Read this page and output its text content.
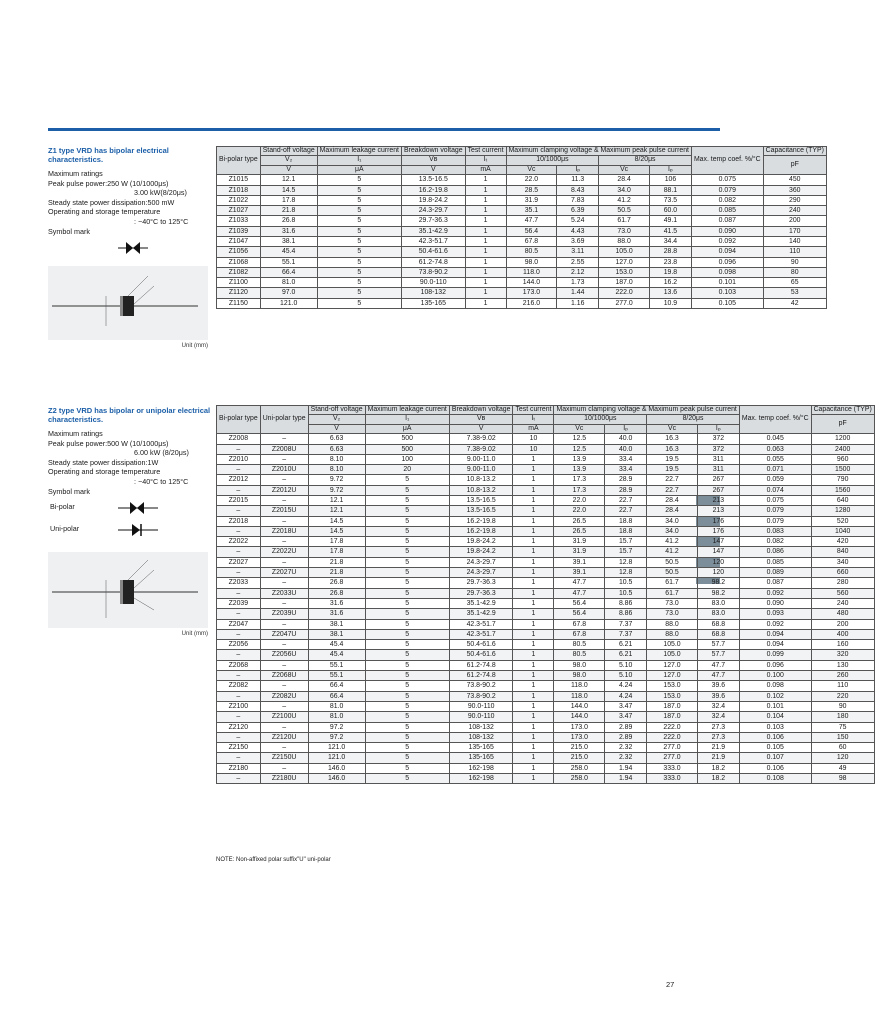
Z1 type VRD has bipolar electrical characteristics.
Maximum ratings
Peak pulse power:250 W (10/1000μs)
3.00 kW(8/20μs)
Steady state power dissipation:500 mW
Operating and storage temperature
: −40°C to 125°C
Symbol mark
Unit (mm)
Bi-polar type	Stand-off voltage	Maximum leakage current	Breakdown voltage	Test current	Maximum clamping voltage & Maximum peak pulse current				Max. temp coef. %/°C	Capacitance (TYP)
	V₂	I₁	Vʙ	Iₜ	10/1000μs		8/20μs			pF
	V	μA	V	mA	Vc	Iₚ	Vc	Iₚ		
Z1015	12.1	5	13.5-16.5	1	22.0	11.3	28.4	106	0.075	450
Z1018	14.5	5	16.2-19.8	1	28.5	8.43	34.0	88.1	0.079	360
Z1022	17.8	5	19.8-24.2	1	31.9	7.83	41.2	73.5	0.082	290
Z1027	21.8	5	24.3-29.7	1	35.1	6.39	50.5	60.0	0.085	240
Z1033	26.8	5	29.7-36.3	1	47.7	5.24	61.7	49.1	0.087	200
Z1039	31.6	5	35.1-42.9	1	56.4	4.43	73.0	41.5	0.090	170
Z1047	38.1	5	42.3-51.7	1	67.8	3.69	88.0	34.4	0.092	140
Z1056	45.4	5	50.4-61.6	1	80.5	3.11	105.0	28.8	0.094	110
Z1068	55.1	5	61.2-74.8	1	98.0	2.55	127.0	23.8	0.096	90
Z1082	66.4	5	73.8-90.2	1	118.0	2.12	153.0	19.8	0.098	80
Z1100	81.0	5	90.0-110	1	144.0	1.73	187.0	16.2	0.101	65
Z1120	97.0	5	108-132	1	173.0	1.44	222.0	13.6	0.103	53
Z1150	121.0	5	135-165	1	216.0	1.16	277.0	10.9	0.105	42
Z2 type VRD has bipolar or unipolar electrical characteristics.
Maximum ratings
Peak pulse power:500 W (10/1000μs)
6.00 kW (8/20μs)
Steady state power dissipation:1W
Operating and storage temperature
: −40°C to 125°C
Symbol mark
Bi-polar
Uni-polar
Unit (mm)
Bi-polar type	Uni-polar type	Stand-off voltage	Maximum leakage current	Breakdown voltage	Test current	Maximum clamping voltage & Maximum peak pulse current				Max. temp coef. %/°C	Capacitance (TYP)
		V₂	I₁	Vʙ	Iₜ	10/1000μs		8/20μs			pF
		V	μA	V	mA	Vc	Iₚ	Vc	Iₚ		
Z2008	–	6.63	500	7.38-9.02	10	12.5	40.0	16.3	372	0.045	1200
–	Z2008U	6.63	500	7.38-9.02	10	12.5	40.0	16.3	372	0.063	2400
Z2010	–	8.10	100	9.00-11.0	1	13.9	33.4	19.5	311	0.055	960
–	Z2010U	8.10	20	9.00-11.0	1	13.9	33.4	19.5	311	0.071	1500
Z2012	–	9.72	5	10.8-13.2	1	17.3	28.9	22.7	267	0.059	790
–	Z2012U	9.72	5	10.8-13.2	1	17.3	28.9	22.7	267	0.074	1560
Z2015	–	12.1	5	13.5-16.5	1	22.0	22.7	28.4	213	0.075	640
–	Z2015U	12.1	5	13.5-16.5	1	22.0	22.7	28.4	213	0.079	1280
Z2018	–	14.5	5	16.2-19.8	1	26.5	18.8	34.0	176	0.079	520
–	Z2018U	14.5	5	16.2-19.8	1	26.5	18.8	34.0	176	0.083	1040
Z2022	–	17.8	5	19.8-24.2	1	31.9	15.7	41.2	147	0.082	420
–	Z2022U	17.8	5	19.8-24.2	1	31.9	15.7	41.2	147	0.086	840
Z2027	–	21.8	5	24.3-29.7	1	39.1	12.8	50.5	120	0.085	340
–	Z2027U	21.8	5	24.3-29.7	1	39.1	12.8	50.5	120	0.089	660
Z2033	–	26.8	5	29.7-36.3	1	47.7	10.5	61.7	98.2	0.087	280
–	Z2033U	26.8	5	29.7-36.3	1	47.7	10.5	61.7	98.2	0.092	560
Z2039	–	31.6	5	35.1-42.9	1	56.4	8.86	73.0	83.0	0.090	240
–	Z2039U	31.6	5	35.1-42.9	1	56.4	8.86	73.0	83.0	0.093	480
Z2047	–	38.1	5	42.3-51.7	1	67.8	7.37	88.0	68.8	0.092	200
–	Z2047U	38.1	5	42.3-51.7	1	67.8	7.37	88.0	68.8	0.094	400
Z2056	–	45.4	5	50.4-61.6	1	80.5	6.21	105.0	57.7	0.094	160
–	Z2056U	45.4	5	50.4-61.6	1	80.5	6.21	105.0	57.7	0.099	320
Z2068	–	55.1	5	61.2-74.8	1	98.0	5.10	127.0	47.7	0.096	130
–	Z2068U	55.1	5	61.2-74.8	1	98.0	5.10	127.0	47.7	0.100	260
Z2082	–	66.4	5	73.8-90.2	1	118.0	4.24	153.0	39.6	0.098	110
–	Z2082U	66.4	5	73.8-90.2	1	118.0	4.24	153.0	39.6	0.102	220
Z2100	–	81.0	5	90.0-110	1	144.0	3.47	187.0	32.4	0.101	90
–	Z2100U	81.0	5	90.0-110	1	144.0	3.47	187.0	32.4	0.104	180
Z2120	–	97.2	5	108-132	1	173.0	2.89	222.0	27.3	0.103	75
–	Z2120U	97.2	5	108-132	1	173.0	2.89	222.0	27.3	0.106	150
Z2150	–	121.0	5	135-165	1	215.0	2.32	277.0	21.9	0.105	60
–	Z2150U	121.0	5	135-165	1	215.0	2.32	277.0	21.9	0.107	120
Z2180	–	146.0	5	162-198	1	258.0	1.94	333.0	18.2	0.106	49
–	Z2180U	146.0	5	162-198	1	258.0	1.94	333.0	18.2	0.108	98
NOTE: Non-affixed polar suffix"U" uni-polar
27
